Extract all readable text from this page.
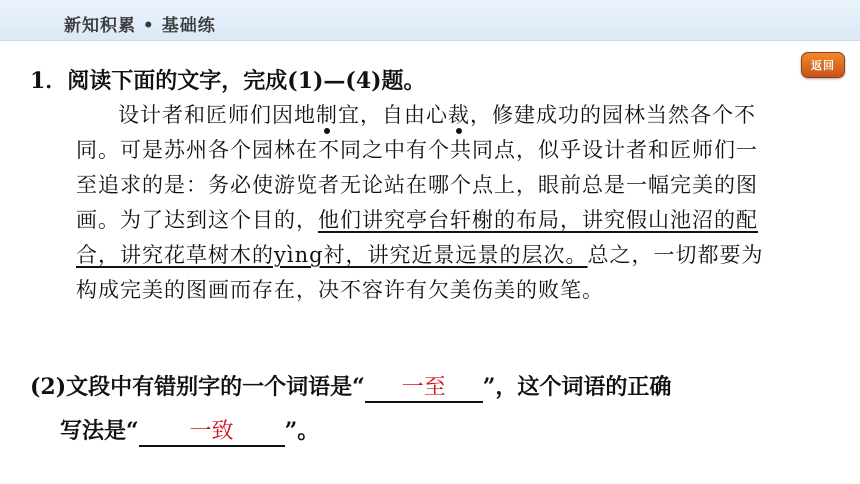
新知积累 • 基础练
返回
1．阅读下面的文字，完成(1)—(4)题。
设计者和匠师们因地制宜，自由心裁，修建成功的园林当然各个不同。可是苏州各个园林在不同之中有个共同点，似乎设计者和匠师们一至追求的是：务必使游览者无论站在哪个点上，眼前总是一幅完美的图画。为了达到这个目的，他们讲究亭台轩榭的布局，讲究假山池沼的配合，讲究花草树木的yìng衬，讲究近景远景的层次。总之，一切都要为构成完美的图画而存在，决不容许有欠美伤美的败笔。
(2)文段中有错别字的一个词语是“ 一至 ”，这个词语的正确
写法是“ 一致 ”。
